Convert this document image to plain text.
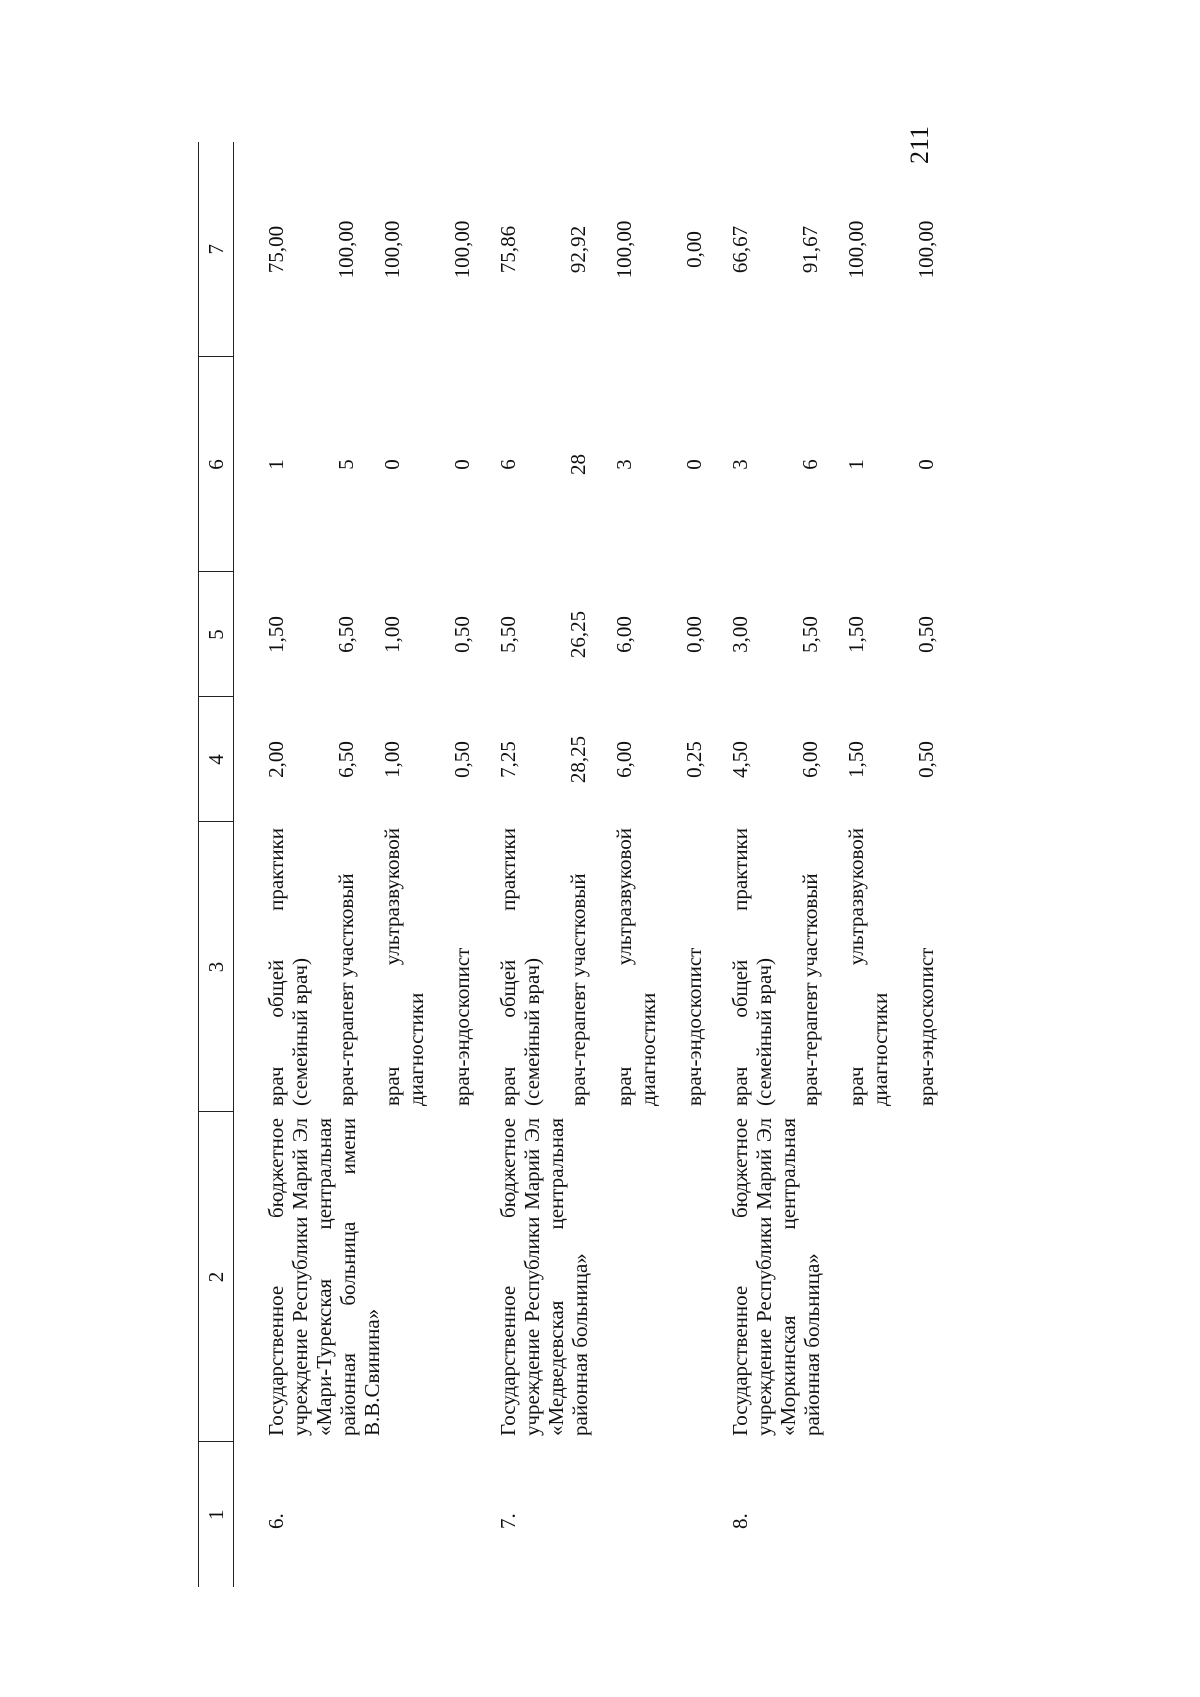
211
1	2	3	4	5	6	7
6.	Государственное бюджетное учреждение Республики Марий Эл «Мари-Турекская центральная районная больница имени В.В.Свинина»	врач общей практики (семейный врач)	2,00	1,50	1	75,00
		врач-терапевт участковый	6,50	6,50	5	100,00
		врач ультразвуковой диагностики	1,00	1,00	0	100,00
		врач-эндоскопист	0,50	0,50	0	100,00
7.	Государственное бюджетное учреждение Республики Марий Эл «Медведевская центральная районная больница»	врач общей практики (семейный врач)	7,25	5,50	6	75,86
		врач-терапевт участковый	28,25	26,25	28	92,92
		врач ультразвуковой диагностики	6,00	6,00	3	100,00
		врач-эндоскопист	0,25	0,00	0	0,00
8.	Государственное бюджетное учреждение Республики Марий Эл «Моркинская центральная районная больница»	врач общей практики (семейный врач)	4,50	3,00	3	66,67
		врач-терапевт участковый	6,00	5,50	6	91,67
		врач ультразвуковой диагностики	1,50	1,50	1	100,00
		врач-эндоскопист	0,50	0,50	0	100,00
